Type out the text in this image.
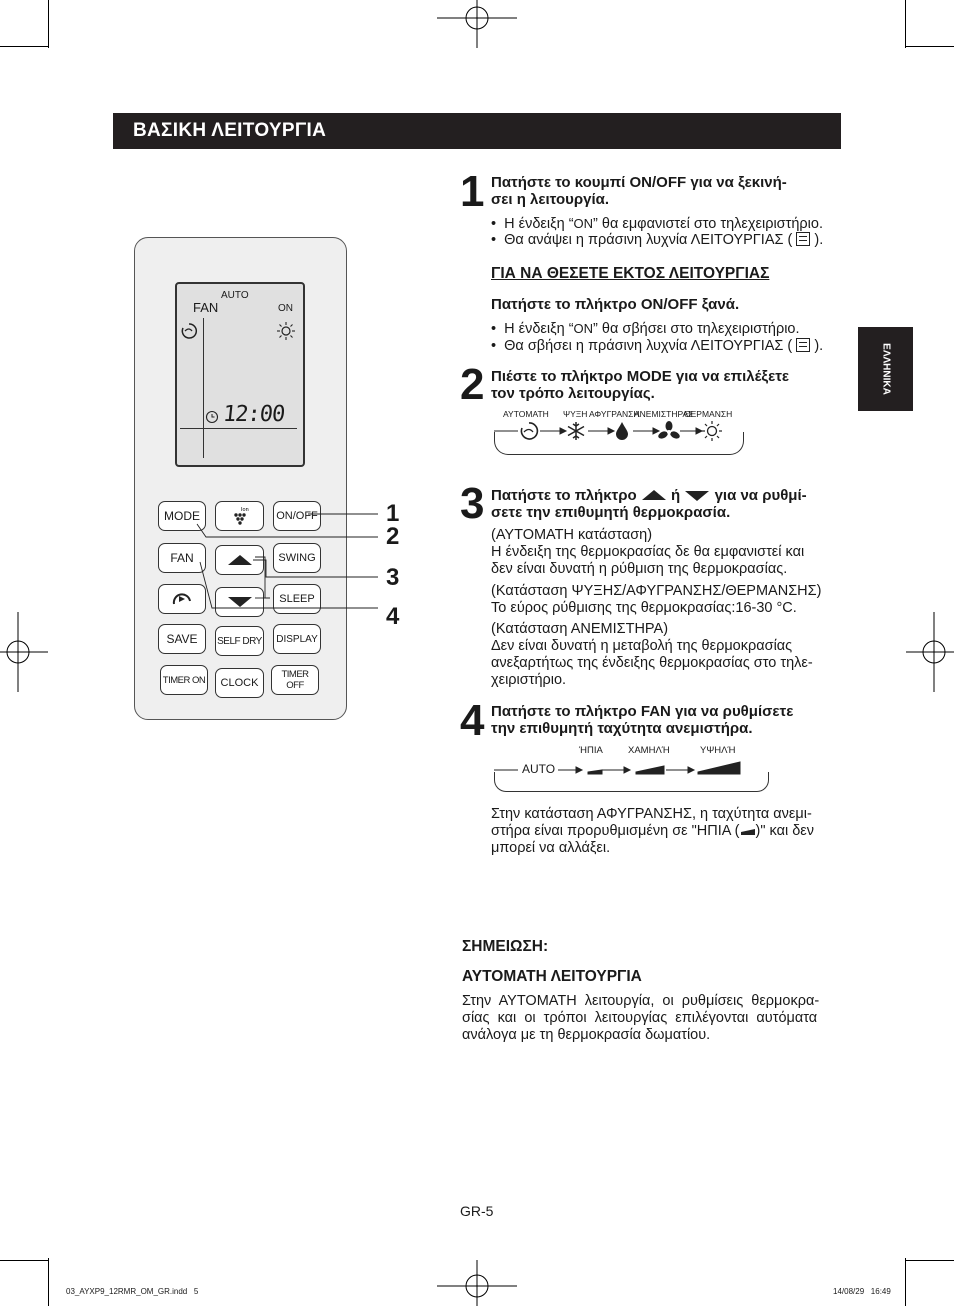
ΒΑΣΙΚΗ ΛΕΙΤΟΥΡΓΙΑ
ΕΛΛΗΝΙΚΑ
AUTO
FAN	ON
12:00
MODE	Ion	ON/OFF
FAN	SWING
SLEEP
SAVE	SELF DRY	DISPLAY
TIMER ON	CLOCK
TIMER OFF
1
2
3
4
1 Πατήστε το κουμπί ON/OFF για να ξεκινή-
σει η λειτουργία.
•  Η ένδειξη “ON” θα εμφανιστεί στο τηλεχειριστήριο.
•  Θα ανάψει η πράσινη λυχνία ΛΕΙΤΟΥΡΓΙΑΣ ( ).
ΓΙΑ ΝΑ ΘΕΣΕΤΕ ΕΚΤΟΣ ΛΕΙΤΟΥΡΓΙΑΣ
Πατήστε το πλήκτρο ON/OFF ξανά.
•  Η ένδειξη “ON” θα σβήσει στο τηλεχειριστήριο.
•  Θα σβήσει η πράσινη λυχνία ΛΕΙΤΟΥΡΓΙΑΣ ( ).
2 Πιέστε το πλήκτρο MODE για να επιλέξετε
τον τρόπο λειτουργίας.
ΑΥΤΟΜΑΤΗ ΨΥΞΗ ΑΦΥΓΡΑΝΣΗ
ΑΝΕΜΙΣΤΗΡΑΣ
ΘΕΡΜΑΝΣΗ
3 Πατήστε το πλήκτρο ή για να ρυθμί-
σετε την επιθυμητή θερμοκρασία.
(ΑΥΤΟΜΑΤΗ κατάσταση)
Η ένδειξη της θερμοκρασίας δε θα εμφανιστεί και
δεν είναι δυνατή η ρύθμιση της θερμοκρασίας.
(Κατάσταση ΨΥΞΗΣ/ΑΦΥΓΡΑΝΣΗΣ/ΘΕΡΜΑΝΣΗΣ)
Το εύρος ρύθμισης της θερμοκρασίας:16-30 °C.
(Κατάσταση ΑΝΕΜΙΣΤΗΡΑ)
Δεν είναι δυνατή η μεταβολή της θερμοκρασίας
ανεξαρτήτως της ένδειξης θερμοκρασίας στο τηλε-
χειριστήριο.
4 Πατήστε το πλήκτρο FAN για να ρυθμίσετε
την επιθυμητή ταχύτητα ανεμιστήρα.
ΉΠΙΑ	ΧΑΜΗΛΉ	ΥΨΗΛΉ
AUTO
Στην κατάσταση ΑΦΥΓΡΑΝΣΗΣ, η ταχύτητα ανεμι-
στήρα είναι προρυθμισμένη σε "ΗΠΙΑ ( )" και δεν
μπορεί να αλλάξει.
ΣΗΜΕΙΩΣΗ:
ΑΥΤΟΜΑΤΗ ΛΕΙΤΟΥΡΓΙΑ
Στην  ΑΥΤΟΜΑΤΗ  λειτουργία,  οι  ρυθμίσεις  θερμοκρα-
σίας  και  οι  τρόποι  λειτουργίας  επιλέγονται  αυτόματα
ανάλογα με τη θερμοκρασία δωματίου.
GR-5
03_AYXP9_12RMR_OM_GR.indd   5	14/08/29   16:49
